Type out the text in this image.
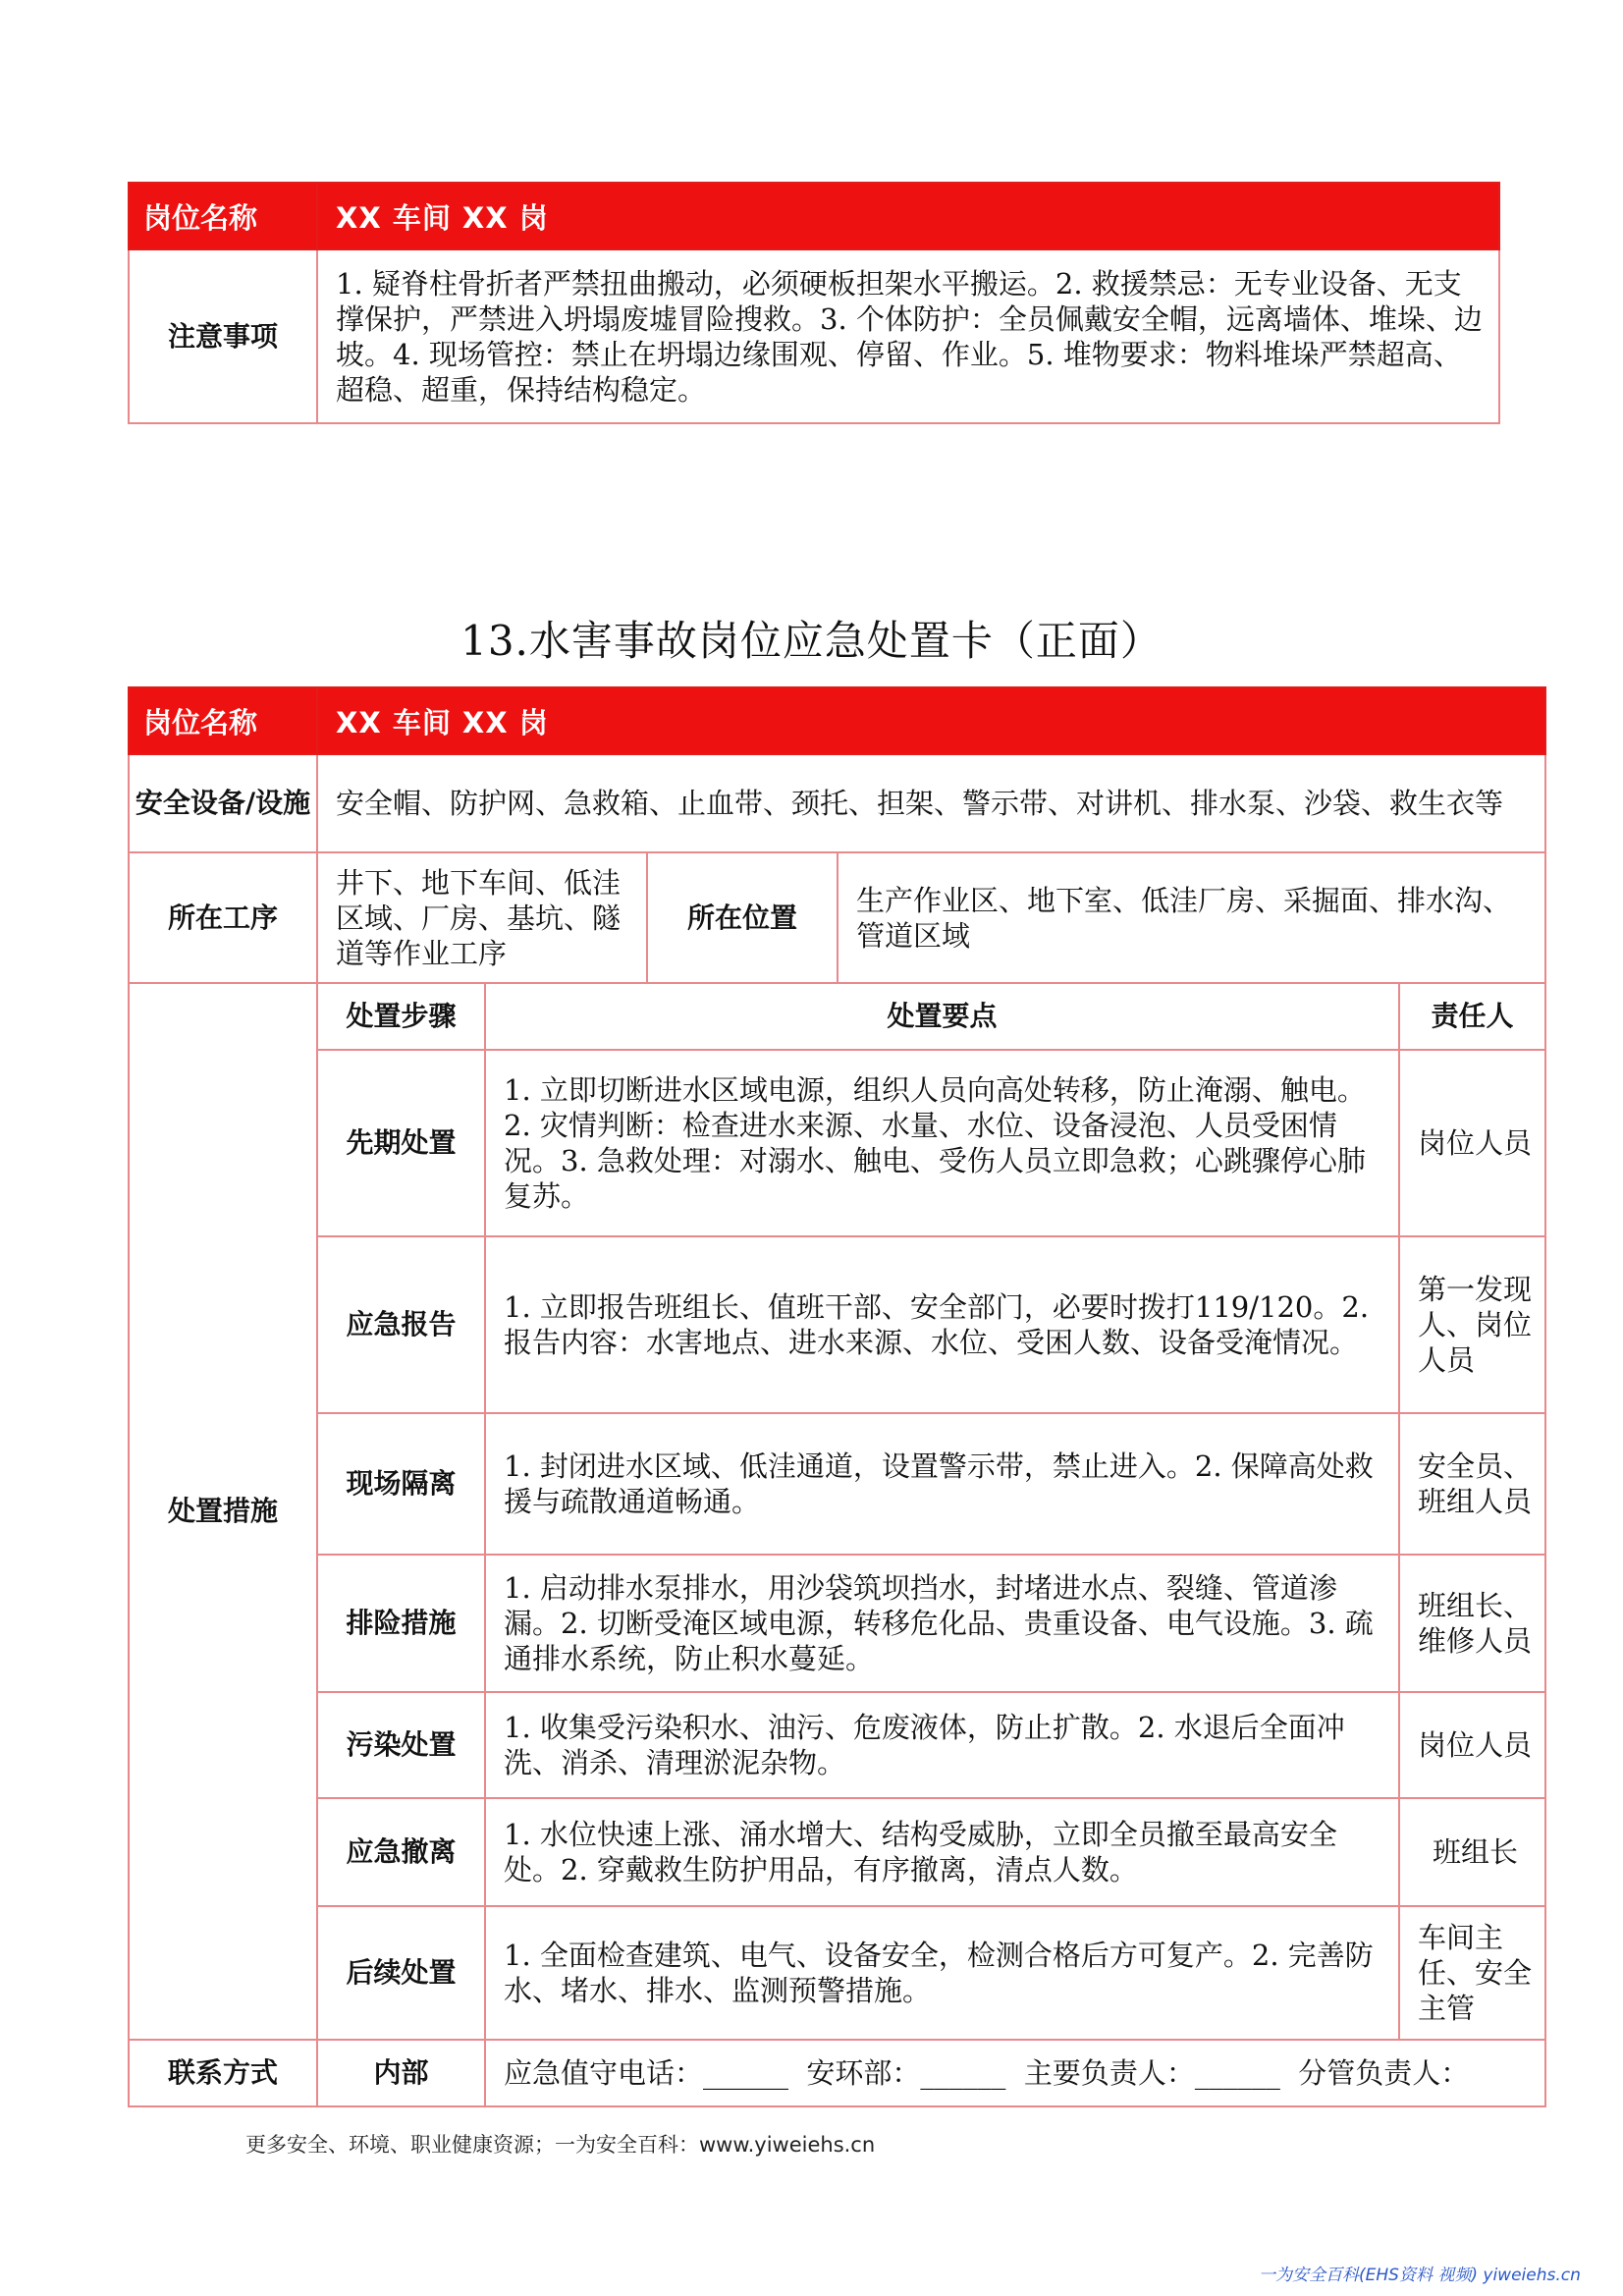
岗位名称	XX 车间 XX 岗
注意事项	1. 疑脊柱骨折者严禁扭曲搬动，必须硬板担架水平搬运。2. 救援禁忌：无专业设备、无支撑保护，严禁进入坍塌废墟冒险搜救。3. 个体防护：全员佩戴安全帽，远离墙体、堆垛、边坡。4. 现场管控：禁止在坍塌边缘围观、停留、作业。5. 堆物要求：物料堆垛严禁超高、超稳、超重，保持结构稳定。
13.水害事故岗位应急处置卡（正面）
岗位名称	XX 车间 XX 岗				
安全设备/设施	安全帽、防护网、急救箱、止血带、颈托、担架、警示带、对讲机、排水泵、沙袋、救生衣等				
所在工序	井下、地下车间、低洼区域、厂房、基坑、隧道等作业工序		所在位置	生产作业区、地下室、低洼厂房、采掘面、排水沟、管道区域	
处置措施	处置步骤	处置要点			责任人
	先期处置	1. 立即切断进水区域电源，组织人员向高处转移，防止淹溺、触电。2. 灾情判断：检查进水来源、水量、水位、设备浸泡、人员受困情况。3. 急救处理：对溺水、触电、受伤人员立即急救；心跳骤停心肺复苏。			岗位人员
	应急报告	1. 立即报告班组长、值班干部、安全部门，必要时拨打119/120。2. 报告内容：水害地点、进水来源、水位、受困人数、设备受淹情况。			第一发现人、岗位人员
	现场隔离	1. 封闭进水区域、低洼通道，设置警示带，禁止进入。2. 保障高处救援与疏散通道畅通。			安全员、班组人员
	排险措施	1. 启动排水泵排水，用沙袋筑坝挡水，封堵进水点、裂缝、管道渗漏。2. 切断受淹区域电源，转移危化品、贵重设备、电气设施。3. 疏通排水系统，防止积水蔓延。			班组长、维修人员
	污染处置	1. 收集受污染积水、油污、危废液体，防止扩散。2. 水退后全面冲洗、消杀、清理淤泥杂物。			岗位人员
	应急撤离	1. 水位快速上涨、涌水增大、结构受威胁，立即全员撤至最高安全处。2. 穿戴救生防护用品，有序撤离，清点人数。			班组长
	后续处置	1. 全面检查建筑、电气、设备安全，检测合格后方可复产。2. 完善防水、堵水、排水、监测预警措施。			车间主任、安全主管
联系方式	内部	应急值守电话：______  安环部：______  主要负责人：______  分管负责人：			
更多安全、环境、职业健康资源；一为安全百科：www.yiweiehs.cn
一为安全百科(EHS资料 视频) yiweiehs.cn
